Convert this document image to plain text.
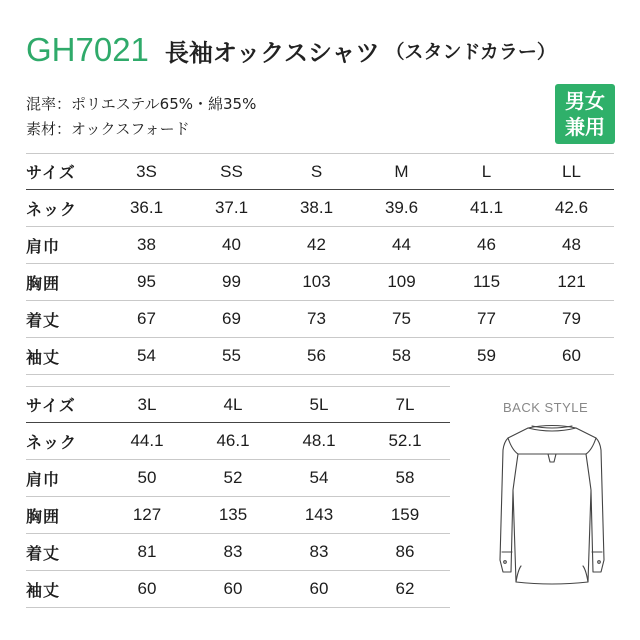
GH7021 長袖オックスシャツ （スタンドカラー）
混率：ポリエステル65%・綿35%
素材：オックスフォード
男女
兼用
サイズ	3S	SS	S	M	L	LL
ネック	36.1	37.1	38.1	39.6	41.1	42.6
肩巾	38	40	42	44	46	48
胸囲	95	99	103	109	115	121
着丈	67	69	73	75	77	79
袖丈	54	55	56	58	59	60
サイズ	3L	4L	5L	7L
ネック	44.1	46.1	48.1	52.1
肩巾	50	52	54	58
胸囲	127	135	143	159
着丈	81	83	83	86
袖丈	60	60	60	62
BACK STYLE
